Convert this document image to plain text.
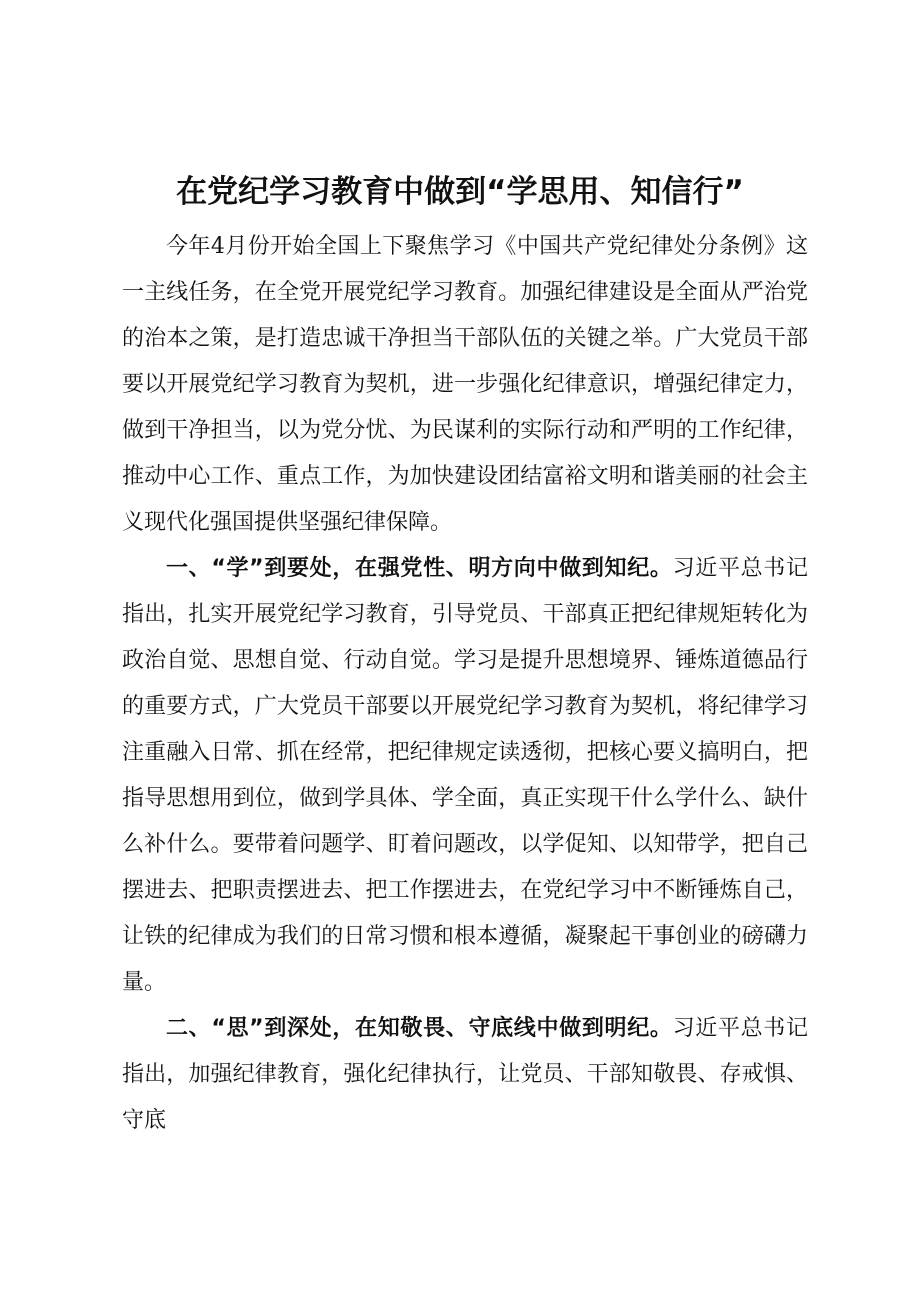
在党纪学习教育中做到“学思用、知信行”

今年4月份开始全国上下聚焦学习《中国共产党纪律处分条例》这一主线任务，在全党开展党纪学习教育。加强纪律建设是全面从严治党的治本之策，是打造忠诚干净担当干部队伍的关键之举。广大党员干部要以开展党纪学习教育为契机，进一步强化纪律意识，增强纪律定力，做到干净担当，以为党分忧、为民谋利的实际行动和严明的工作纪律，推动中心工作、重点工作，为加快建设团结富裕文明和谐美丽的社会主义现代化强国提供坚强纪律保障。

一、“学”到要处，在强党性、明方向中做到知纪。习近平总书记指出，扎实开展党纪学习教育，引导党员、干部真正把纪律规矩转化为政治自觉、思想自觉、行动自觉。学习是提升思想境界、锤炼道德品行的重要方式，广大党员干部要以开展党纪学习教育为契机，将纪律学习注重融入日常、抓在经常，把纪律规定读透彻，把核心要义搞明白，把指导思想用到位，做到学具体、学全面，真正实现干什么学什么、缺什么补什么。要带着问题学、盯着问题改，以学促知、以知带学，把自己摆进去、把职责摆进去、把工作摆进去，在党纪学习中不断锤炼自己，让铁的纪律成为我们的日常习惯和根本遵循，凝聚起干事创业的磅礴力量。

二、“思”到深处，在知敬畏、守底线中做到明纪。习近平总书记指出，加强纪律教育，强化纪律执行，让党员、干部知敬畏、存戒惧、守底
